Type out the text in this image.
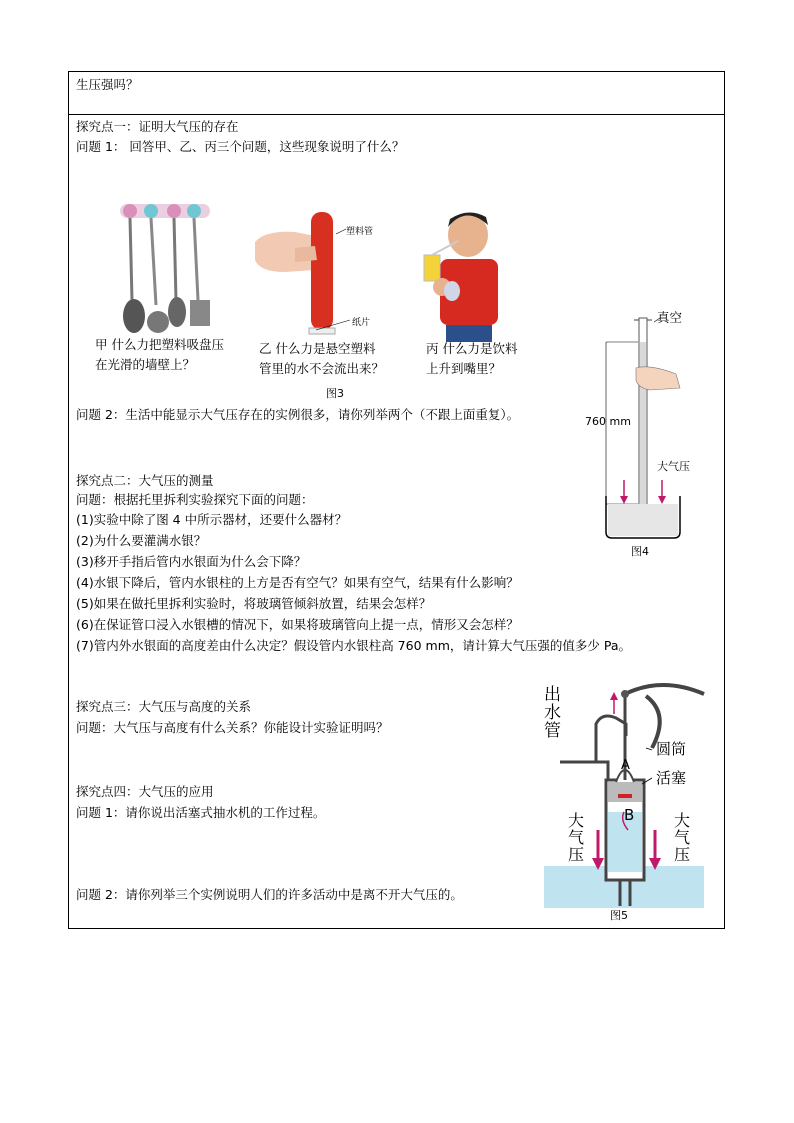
生压强吗？
探究点一：证明大气压的存在
问题 1： 回答甲、乙、丙三个问题，这些现象说明了什么？
塑料管
纸片
甲 什么力把塑料吸盘压
在光滑的墙壁上？
乙 什么力是悬空塑料
管里的水不会流出来？
丙 什么力是饮料
上升到嘴里？
图3
问题 2：生活中能显示大气压存在的实例很多，请你列举两个（不跟上面重复）。
真空
760 mm
大气压
图4
探究点二：大气压的测量
问题：根据托里拆利实验探究下面的问题：
(1)实验中除了图 4 中所示器材，还要什么器材？
(2)为什么要灌满水银？
(3)移开手指后管内水银面为什么会下降？
(4)水银下降后，管内水银柱的上方是否有空气？如果有空气，结果有什么影响？
(5)如果在做托里拆利实验时，将玻璃管倾斜放置，结果会怎样？
(6)在保证管口浸入水银槽的情况下，如果将玻璃管向上提一点，情形又会怎样？
(7)管内外水银面的高度差由什么决定？假设管内水银柱高 760 mm，请计算大气压强的值多少 Pa。
探究点三：大气压与高度的关系
问题：大气压与高度有什么关系？你能设计实验证明吗？
探究点四：大气压的应用
问题 1：请你说出活塞式抽水机的工作过程。
问题 2：请你列举三个实例说明人们的许多活动中是离不开大气压的。
出
水
管
圆筒
活塞
A
B
大
气
压
大
气
压
图5
